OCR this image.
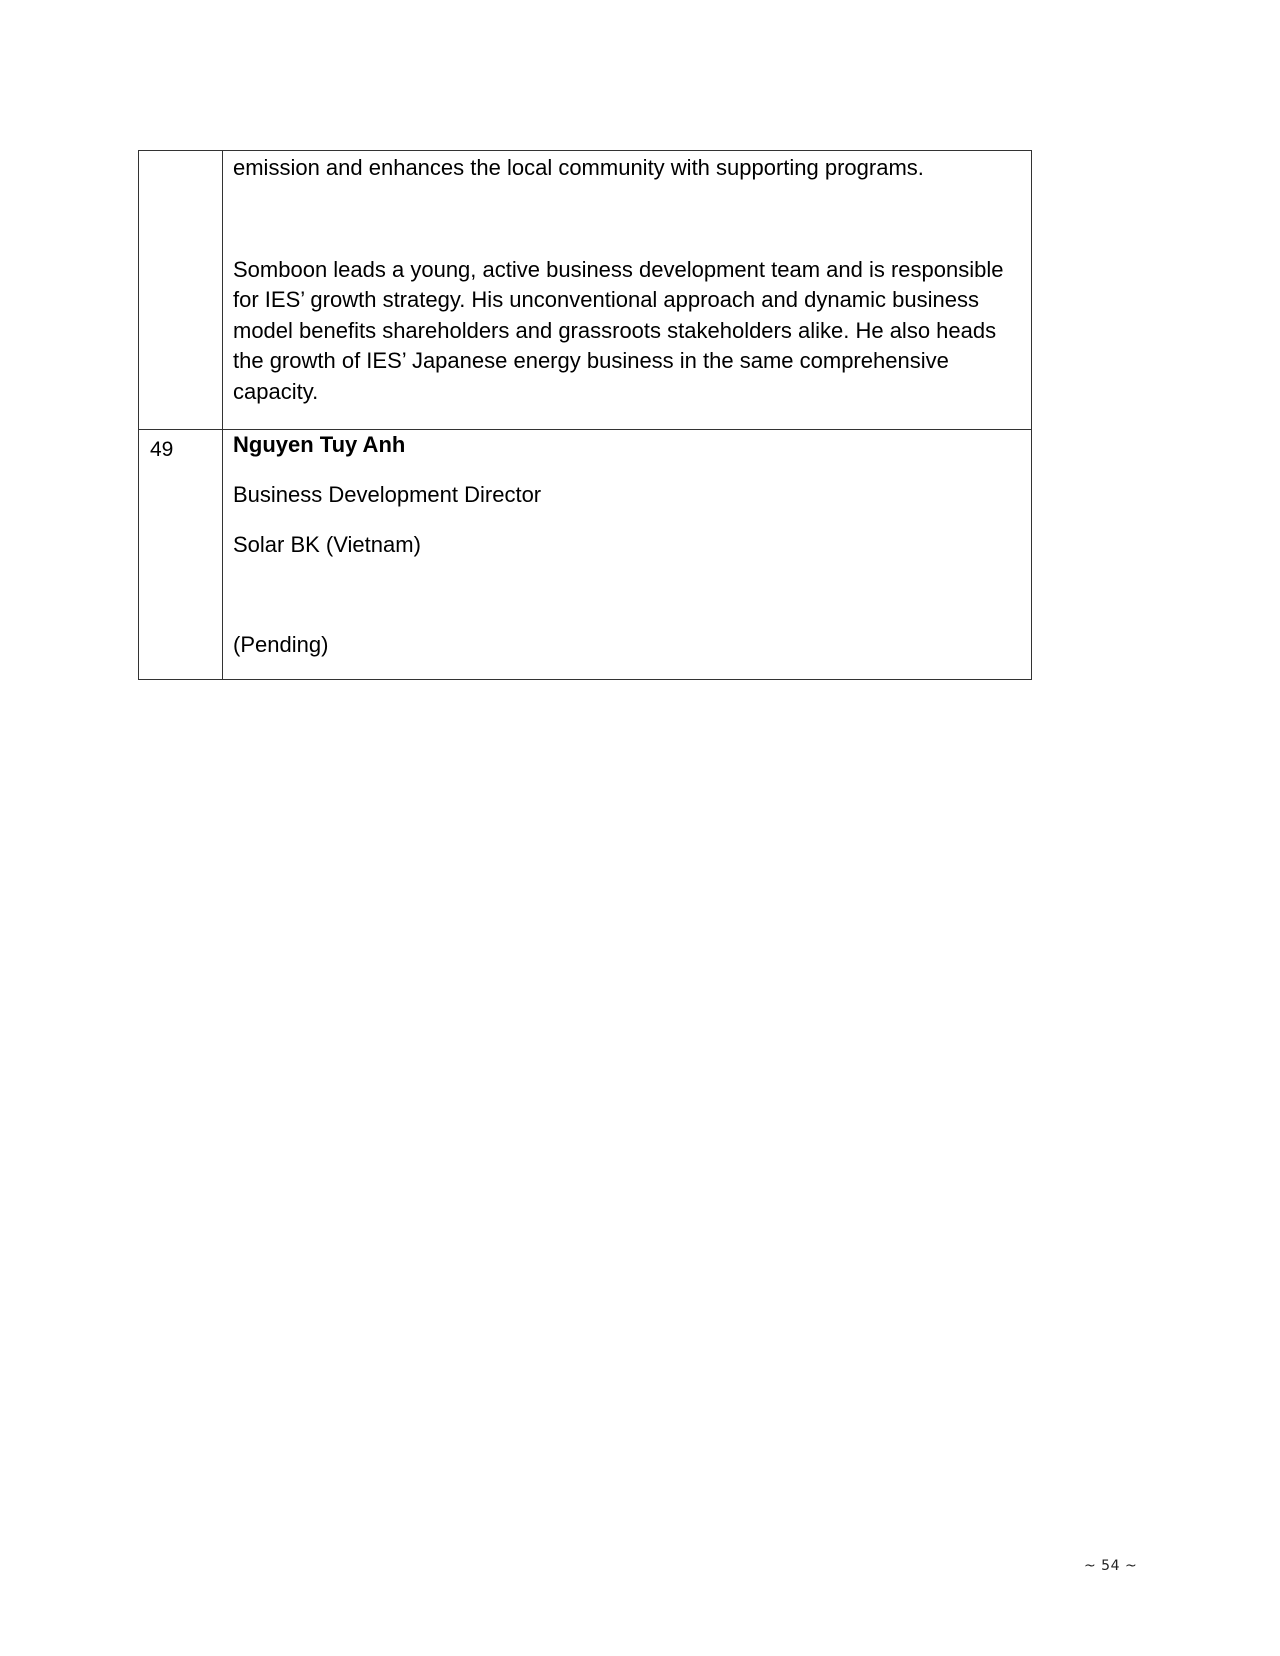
	emission and enhances the local community with supporting programs.

Somboon leads a young, active business development team and is responsible for IES’ growth strategy. His unconventional approach and dynamic business model benefits shareholders and grassroots stakeholders alike. He also heads the growth of IES’ Japanese energy business in the same comprehensive capacity.

49	Nguyen Tuy Anh

Business Development Director

Solar BK (Vietnam)

(Pending)

~ 54 ~
